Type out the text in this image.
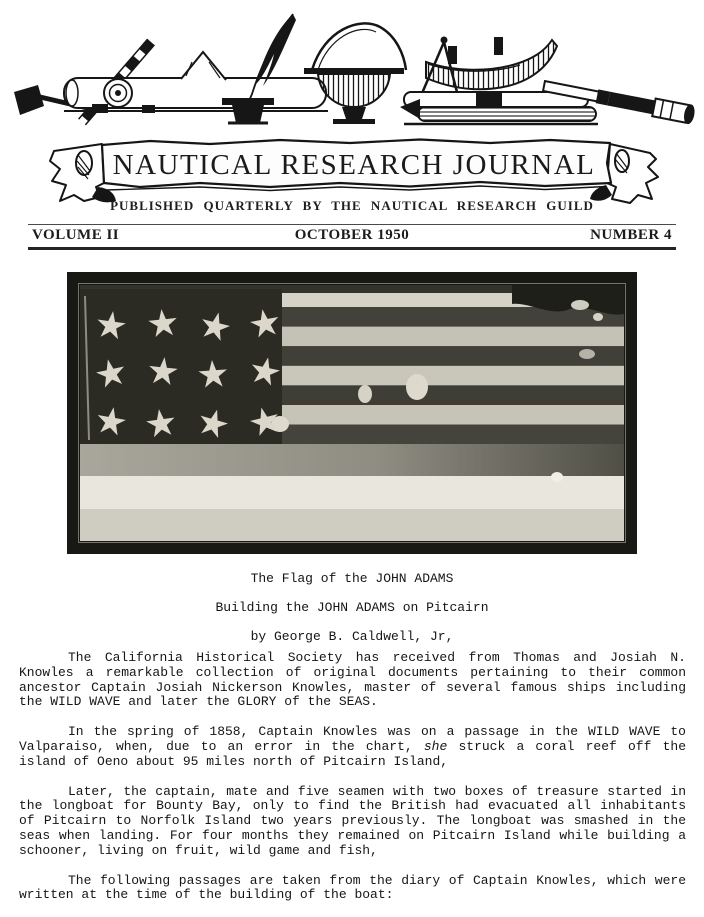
NAUTICAL RESEARCH JOURNAL
PUBLISHED QUARTERLY BY THE NAUTICAL RESEARCH GUILD
VOLUME II	OCTOBER 1950	NUMBER 4
The Flag of the JOHN ADAMS
Building the JOHN ADAMS on Pitcairn
by George B. Caldwell, Jr,

The California Historical Society has received from Thomas and Josiah N. Knowles a remarkable collection of original documents pertaining to their common ancestor Captain Josiah Nickerson Knowles, master of several famous ships including the WILD WAVE and later the GLORY of the SEAS.

In the spring of 1858, Captain Knowles was on a passage in the WILD WAVE to Valparaiso, when, due to an error in the chart, she struck a coral reef off the island of Oeno about 95 miles north of Pitcairn Island,

Later, the captain, mate and five seamen with two boxes of treasure started in the longboat for Bounty Bay, only to find the British had evacuated all inhabitants of Pitcairn to Norfolk Island two years previously. The longboat was smashed in the seas when landing. For four months they remained on Pitcairn Island while building a schooner, living on fruit, wild game and fish,

The following passages are taken from the diary of Captain Knowles, which were written at the time of the building of the boat:
